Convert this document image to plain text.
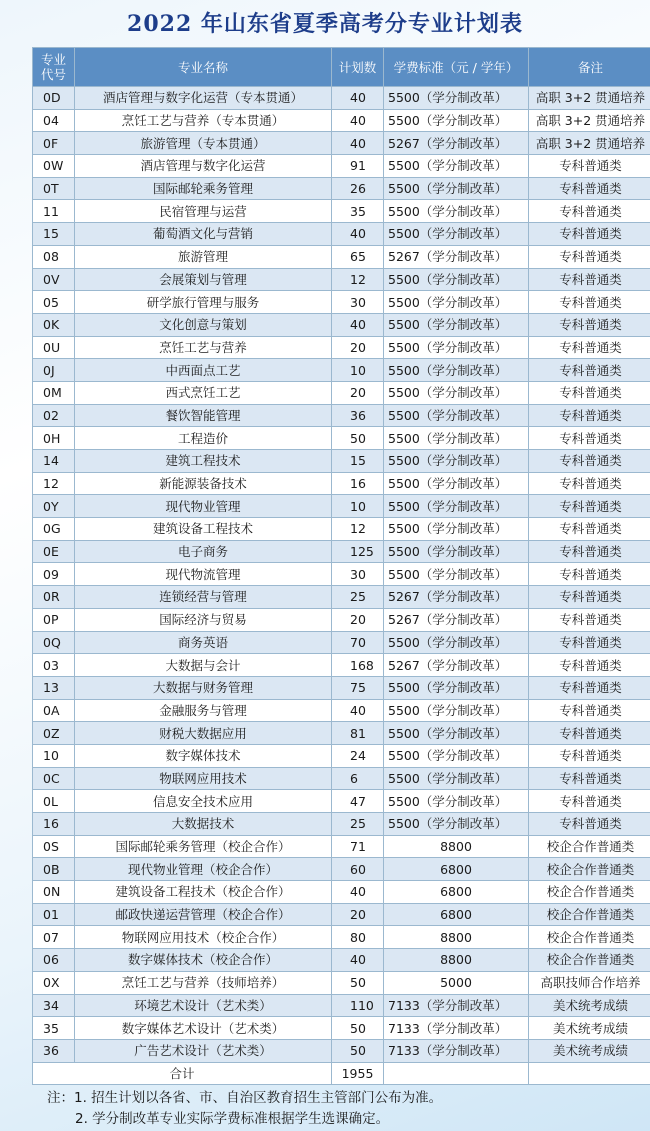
2022 年山东省夏季高考分专业计划表
专业
代号	专业名称	计划数	学费标准（元 / 学年）	备注
0D	酒店管理与数字化运营（专本贯通）	40	5500（学分制改革）	高职 3+2 贯通培养
04	烹饪工艺与营养（专本贯通）	40	5500（学分制改革）	高职 3+2 贯通培养
0F	旅游管理（专本贯通）	40	5267（学分制改革）	高职 3+2 贯通培养
0W	酒店管理与数字化运营	91	5500（学分制改革）	专科普通类
0T	国际邮轮乘务管理	26	5500（学分制改革）	专科普通类
11	民宿管理与运营	35	5500（学分制改革）	专科普通类
15	葡萄酒文化与营销	40	5500（学分制改革）	专科普通类
08	旅游管理	65	5267（学分制改革）	专科普通类
0V	会展策划与管理	12	5500（学分制改革）	专科普通类
05	研学旅行管理与服务	30	5500（学分制改革）	专科普通类
0K	文化创意与策划	40	5500（学分制改革）	专科普通类
0U	烹饪工艺与营养	20	5500（学分制改革）	专科普通类
0J	中西面点工艺	10	5500（学分制改革）	专科普通类
0M	西式烹饪工艺	20	5500（学分制改革）	专科普通类
02	餐饮智能管理	36	5500（学分制改革）	专科普通类
0H	工程造价	50	5500（学分制改革）	专科普通类
14	建筑工程技术	15	5500（学分制改革）	专科普通类
12	新能源装备技术	16	5500（学分制改革）	专科普通类
0Y	现代物业管理	10	5500（学分制改革）	专科普通类
0G	建筑设备工程技术	12	5500（学分制改革）	专科普通类
0E	电子商务	125	5500（学分制改革）	专科普通类
09	现代物流管理	30	5500（学分制改革）	专科普通类
0R	连锁经营与管理	25	5267（学分制改革）	专科普通类
0P	国际经济与贸易	20	5267（学分制改革）	专科普通类
0Q	商务英语	70	5500（学分制改革）	专科普通类
03	大数据与会计	168	5267（学分制改革）	专科普通类
13	大数据与财务管理	75	5500（学分制改革）	专科普通类
0A	金融服务与管理	40	5500（学分制改革）	专科普通类
0Z	财税大数据应用	81	5500（学分制改革）	专科普通类
10	数字媒体技术	24	5500（学分制改革）	专科普通类
0C	物联网应用技术	6	5500（学分制改革）	专科普通类
0L	信息安全技术应用	47	5500（学分制改革）	专科普通类
16	大数据技术	25	5500（学分制改革）	专科普通类
0S	国际邮轮乘务管理（校企合作）	71	8800	校企合作普通类
0B	现代物业管理（校企合作）	60	6800	校企合作普通类
0N	建筑设备工程技术（校企合作）	40	6800	校企合作普通类
01	邮政快递运营管理（校企合作）	20	6800	校企合作普通类
07	物联网应用技术（校企合作）	80	8800	校企合作普通类
06	数字媒体技术（校企合作）	40	8800	校企合作普通类
0X	烹饪工艺与营养（技师培养）	50	5000	高职技师合作培养
34	环境艺术设计（艺术类）	110	7133（学分制改革）	美术统考成绩
35	数字媒体艺术设计（艺术类）	50	7133（学分制改革）	美术统考成绩
36	广告艺术设计（艺术类）	50	7133（学分制改革）	美术统考成绩
合计		1955		
注：1. 招生计划以各省、市、自治区教育招生主管部门公布为准。
2. 学分制改革专业实际学费标准根据学生选课确定。
